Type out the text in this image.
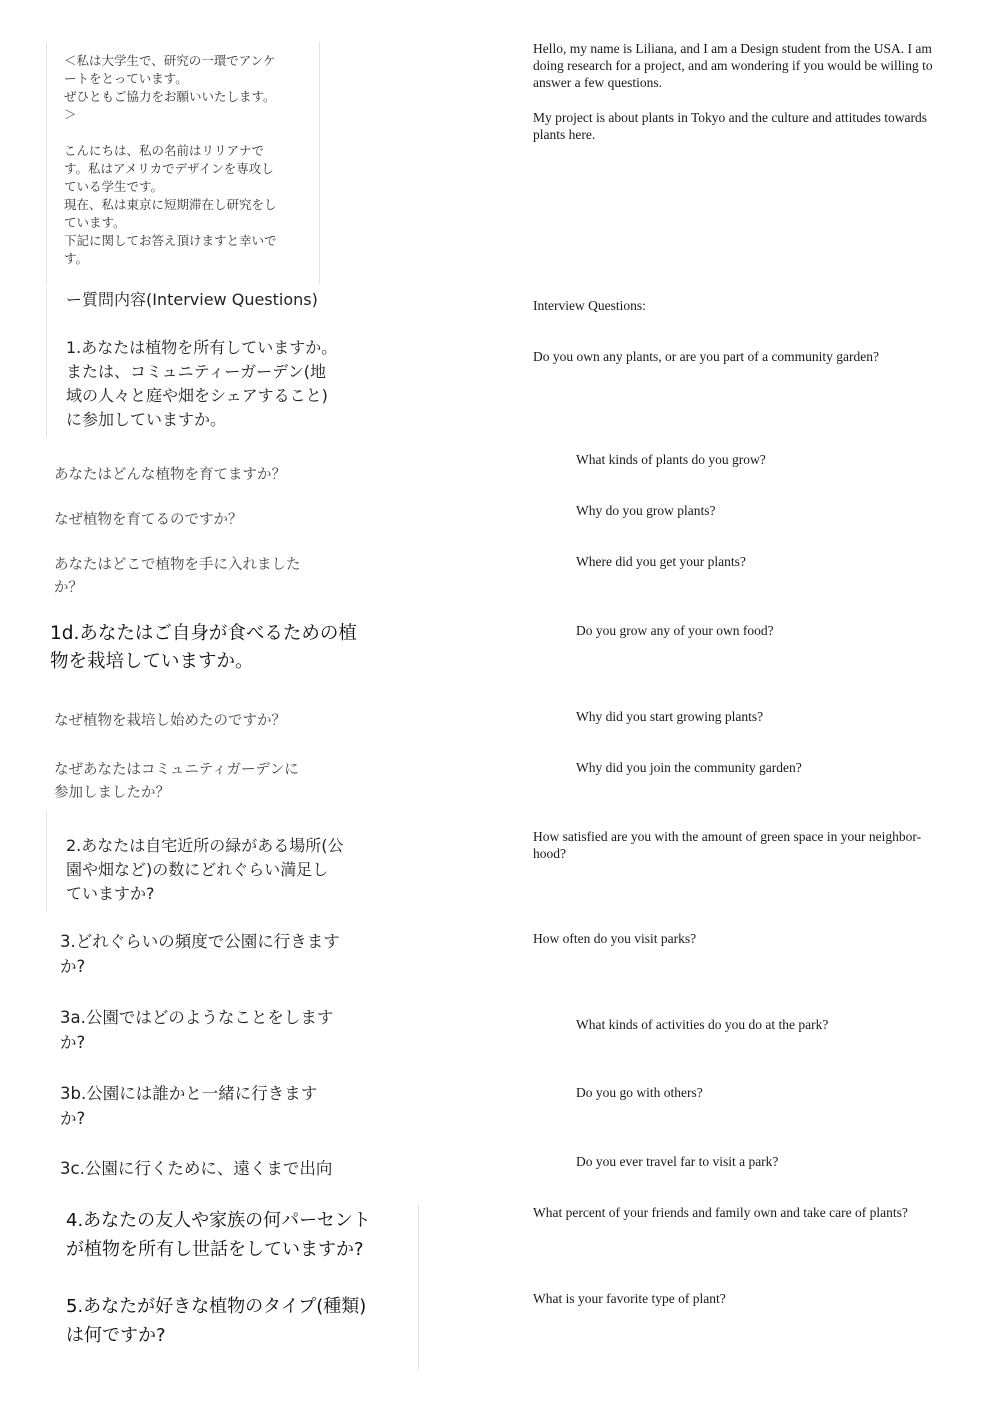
＜私は大学生で、研究の一環でアンケ
ートをとっています。
ぜひともご協力をお願いいたします。
＞
こんにちは、私の名前はリリアナで
す。私はアメリカでデザインを専攻し
ている学生です。
現在、私は東京に短期滞在し研究をし
ています。
下記に関してお答え頂けますと幸いで
す。
ー質問内容(Interview Questions)
1.あなたは植物を所有していますか。
または、コミュニティーガーデン(地
域の人々と庭や畑をシェアすること)
に参加していますか。
あなたはどんな植物を育てますか？
なぜ植物を育てるのですか？
あなたはどこで植物を手に入れました
か？
1d.あなたはご自身が食べるための植
物を栽培していますか。
なぜ植物を栽培し始めたのですか？
なぜあなたはコミュニティガーデンに
参加しましたか？
2.あなたは自宅近所の緑がある場所(公
園や畑など)の数にどれぐらい満足し
ていますか?
3.どれぐらいの頻度で公園に行きます
か?
3a.公園ではどのようなことをします
か?
3b.公園には誰かと一緒に行きます
か?
3c.公園に行くために、遠くまで出向
4.あなたの友人や家族の何パーセント
が植物を所有し世話をしていますか?
5.あなたが好きな植物のタイプ(種類)
は何ですか?
Hello, my name is Liliana, and I am a Design student from the USA. I am
doing research for a project, and am wondering if you would be willing to
answer a few questions.
My project is about plants in Tokyo and the culture and attitudes towards
plants here.
Interview Questions:
Do you own any plants, or are you part of a community garden?
What kinds of plants do you grow?
Why do you grow plants?
Where did you get your plants?
Do you grow any of your own food?
Why did you start growing plants?
Why did you join the community garden?
How satisfied are you with the amount of green space in your neighbor-
hood?
How often do you visit parks?
What kinds of activities do you do at the park?
Do you go with others?
Do you ever travel far to visit a park?
What percent of your friends and family own and take care of plants?
What is your favorite type of plant?
